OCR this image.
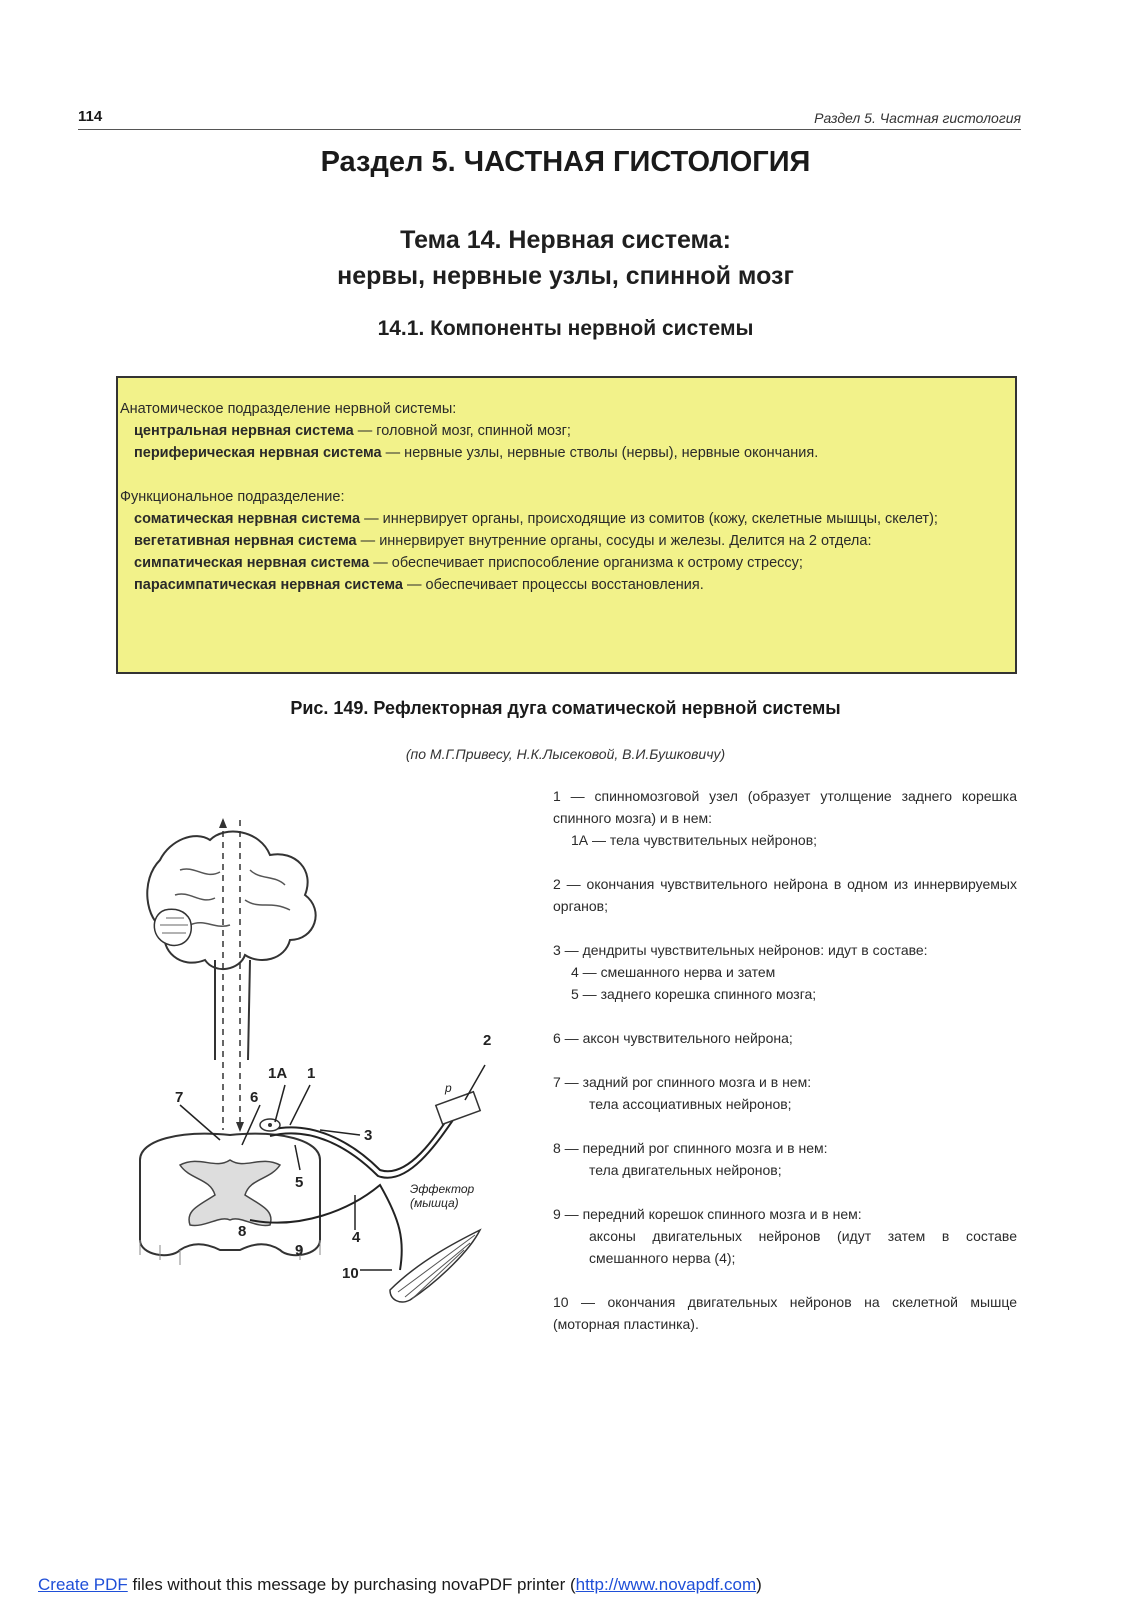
114	Раздел 5. Частная гистология
Раздел 5. ЧАСТНАЯ ГИСТОЛОГИЯ
Тема 14. Нервная система:
нервы, нервные узлы, спинной мозг
14.1. Компоненты нервной системы
Анатомическое подразделение нервной системы:
центральная нервная система — головной мозг, спинной мозг;
периферическая нервная система — нервные узлы, нервные стволы (нервы), нервные окончания.
Функциональное подразделение:
соматическая нервная система — иннервирует органы, происходящие из сомитов (кожу, скелетные мышцы, скелет);
вегетативная нервная система — иннервирует внутренние органы, сосуды и железы. Делится на 2 отдела:
симпатическая нервная система — обеспечивает приспособление организма к острому стрессу;
парасимпатическая нервная система — обеспечивает процессы восстановления.
Рис. 149. Рефлекторная дуга соматической нервной системы
(по М.Г.Привесу, Н.К.Лысековой, В.И.Бушковичу)
7	6
1А 1
2
3
4
5
8
9
10
р
Эффектор
(мышца)
1 — спинномозговой узел (образует утолщение заднего корешка спинного мозга) и в нем:
1А — тела чувствительных нейронов;
2 — окончания чувствительного нейрона в одном из иннервируемых органов;
3 — дендриты чувствительных нейронов: идут в составе:
4 — смешанного нерва и затем
5 — заднего корешка спинного мозга;
6 — аксон чувствительного нейрона;
7 — задний рог спинного мозга и в нем:
тела ассоциативных нейронов;
8 — передний рог спинного мозга и в нем:
тела двигательных нейронов;
9 — передний корешок спинного мозга и в нем:
аксоны двигательных нейронов (идут затем в составе смешанного нерва (4);
10 — окончания двигательных нейронов на скелетной мышце (моторная пластинка).
Create PDF files without this message by purchasing novaPDF printer (http://www.novapdf.com)
